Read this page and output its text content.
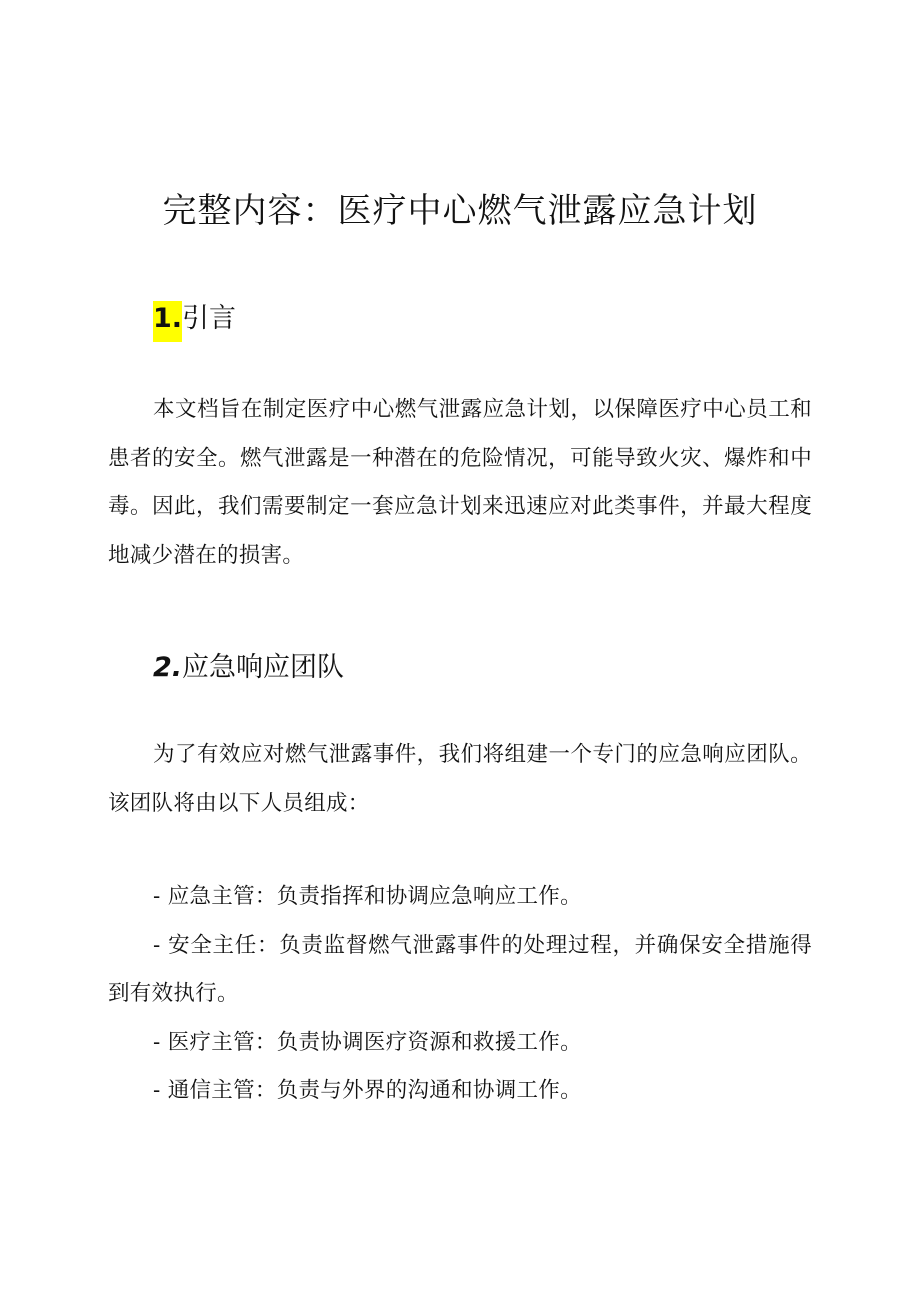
完整内容：医疗中心燃气泄露应急计划
1.引言

本文档旨在制定医疗中心燃气泄露应急计划，以保障医疗中心员工和患者的安全。燃气泄露是一种潜在的危险情况，可能导致火灾、爆炸和中毒。因此，我们需要制定一套应急计划来迅速应对此类事件，并最大程度地减少潜在的损害。

2.应急响应团队

为了有效应对燃气泄露事件，我们将组建一个专门的应急响应团队。该团队将由以下人员组成：

- 应急主管：负责指挥和协调应急响应工作。
- 安全主任：负责监督燃气泄露事件的处理过程，并确保安全措施得到有效执行。
- 医疗主管：负责协调医疗资源和救援工作。
- 通信主管：负责与外界的沟通和协调工作。
